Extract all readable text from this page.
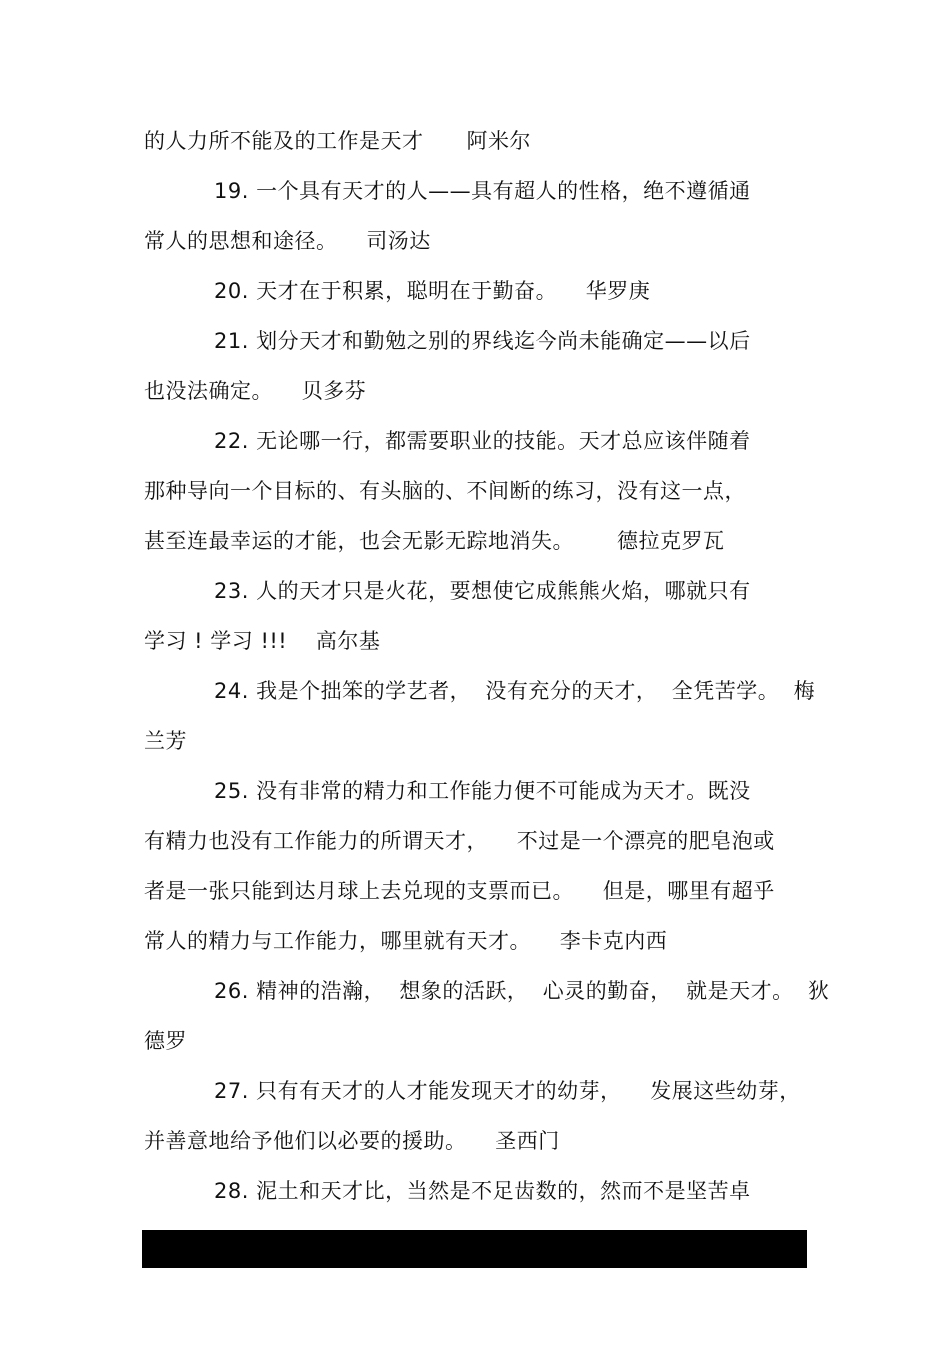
的人力所不能及的工作是天才      阿米尔
19. 一个具有天才的人——具有超人的性格，绝不遵循通
常人的思想和途径。    司汤达
20. 天才在于积累，聪明在于勤奋。    华罗庚
21. 划分天才和勤勉之别的界线迄今尚未能确定——以后
也没法确定。    贝多芬
22. 无论哪一行，都需要职业的技能。天才总应该伴随着
那种导向一个目标的、有头脑的、不间断的练习，没有这一点，
甚至连最幸运的才能，也会无影无踪地消失。      德拉克罗瓦
23. 人的天才只是火花，要想使它成熊熊火焰，哪就只有
学习 ! 学习 !!!    高尔基
24. 我是个拙笨的学艺者，  没有充分的天才，  全凭苦学。  梅
兰芳
25. 没有非常的精力和工作能力便不可能成为天才。既没
有精力也没有工作能力的所谓天才，    不过是一个漂亮的肥皂泡或
者是一张只能到达月球上去兑现的支票而已。    但是，哪里有超乎
常人的精力与工作能力，哪里就有天才。    李卡克内西
26. 精神的浩瀚，  想象的活跃，  心灵的勤奋，  就是天才。  狄
德罗
27. 只有有天才的人才能发现天才的幼芽，    发展这些幼芽，
并善意地给予他们以必要的援助。    圣西门
28. 泥土和天才比，当然是不足齿数的，然而不是坚苦卓
